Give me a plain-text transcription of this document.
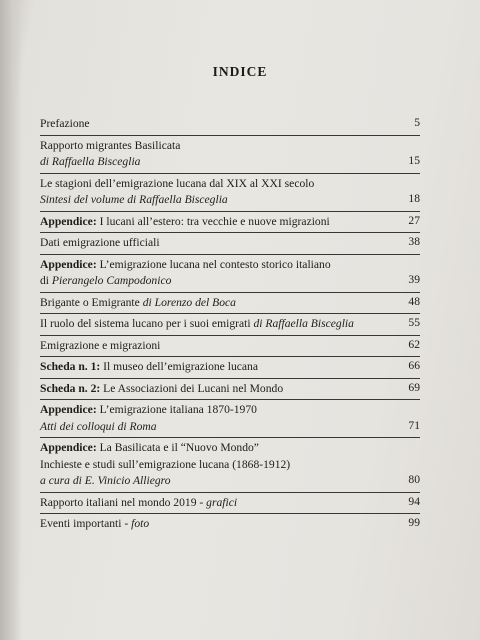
INDICE
Prefazione	5
Rapporto migrantes Basilicata
di Raffaella Bisceglia	15
Le stagioni dell’emigrazione lucana dal XIX al XXI secolo
Sintesi del volume di Raffaella Bisceglia	18
Appendice: I lucani all’estero: tra vecchie e nuove migrazioni	27
Dati emigrazione ufficiali	38
Appendice: L’emigrazione lucana nel contesto storico italiano
di Pierangelo Campodonico	39
Brigante o Emigrante di Lorenzo del Boca	48
Il ruolo del sistema lucano per i suoi emigrati di Raffaella Bisceglia	55
Emigrazione e migrazioni	62
Scheda n. 1: Il museo dell’emigrazione lucana	66
Scheda n. 2: Le Associazioni dei Lucani nel Mondo	69
Appendice: L’emigrazione italiana 1870-1970
Atti dei colloqui di Roma	71
Appendice: La Basilicata e il “Nuovo Mondo”
Inchieste e studi sull’emigrazione lucana (1868-1912)
a cura di E. Vinicio Alliegro	80
Rapporto italiani nel mondo 2019 - grafici	94
Eventi importanti - foto	99
